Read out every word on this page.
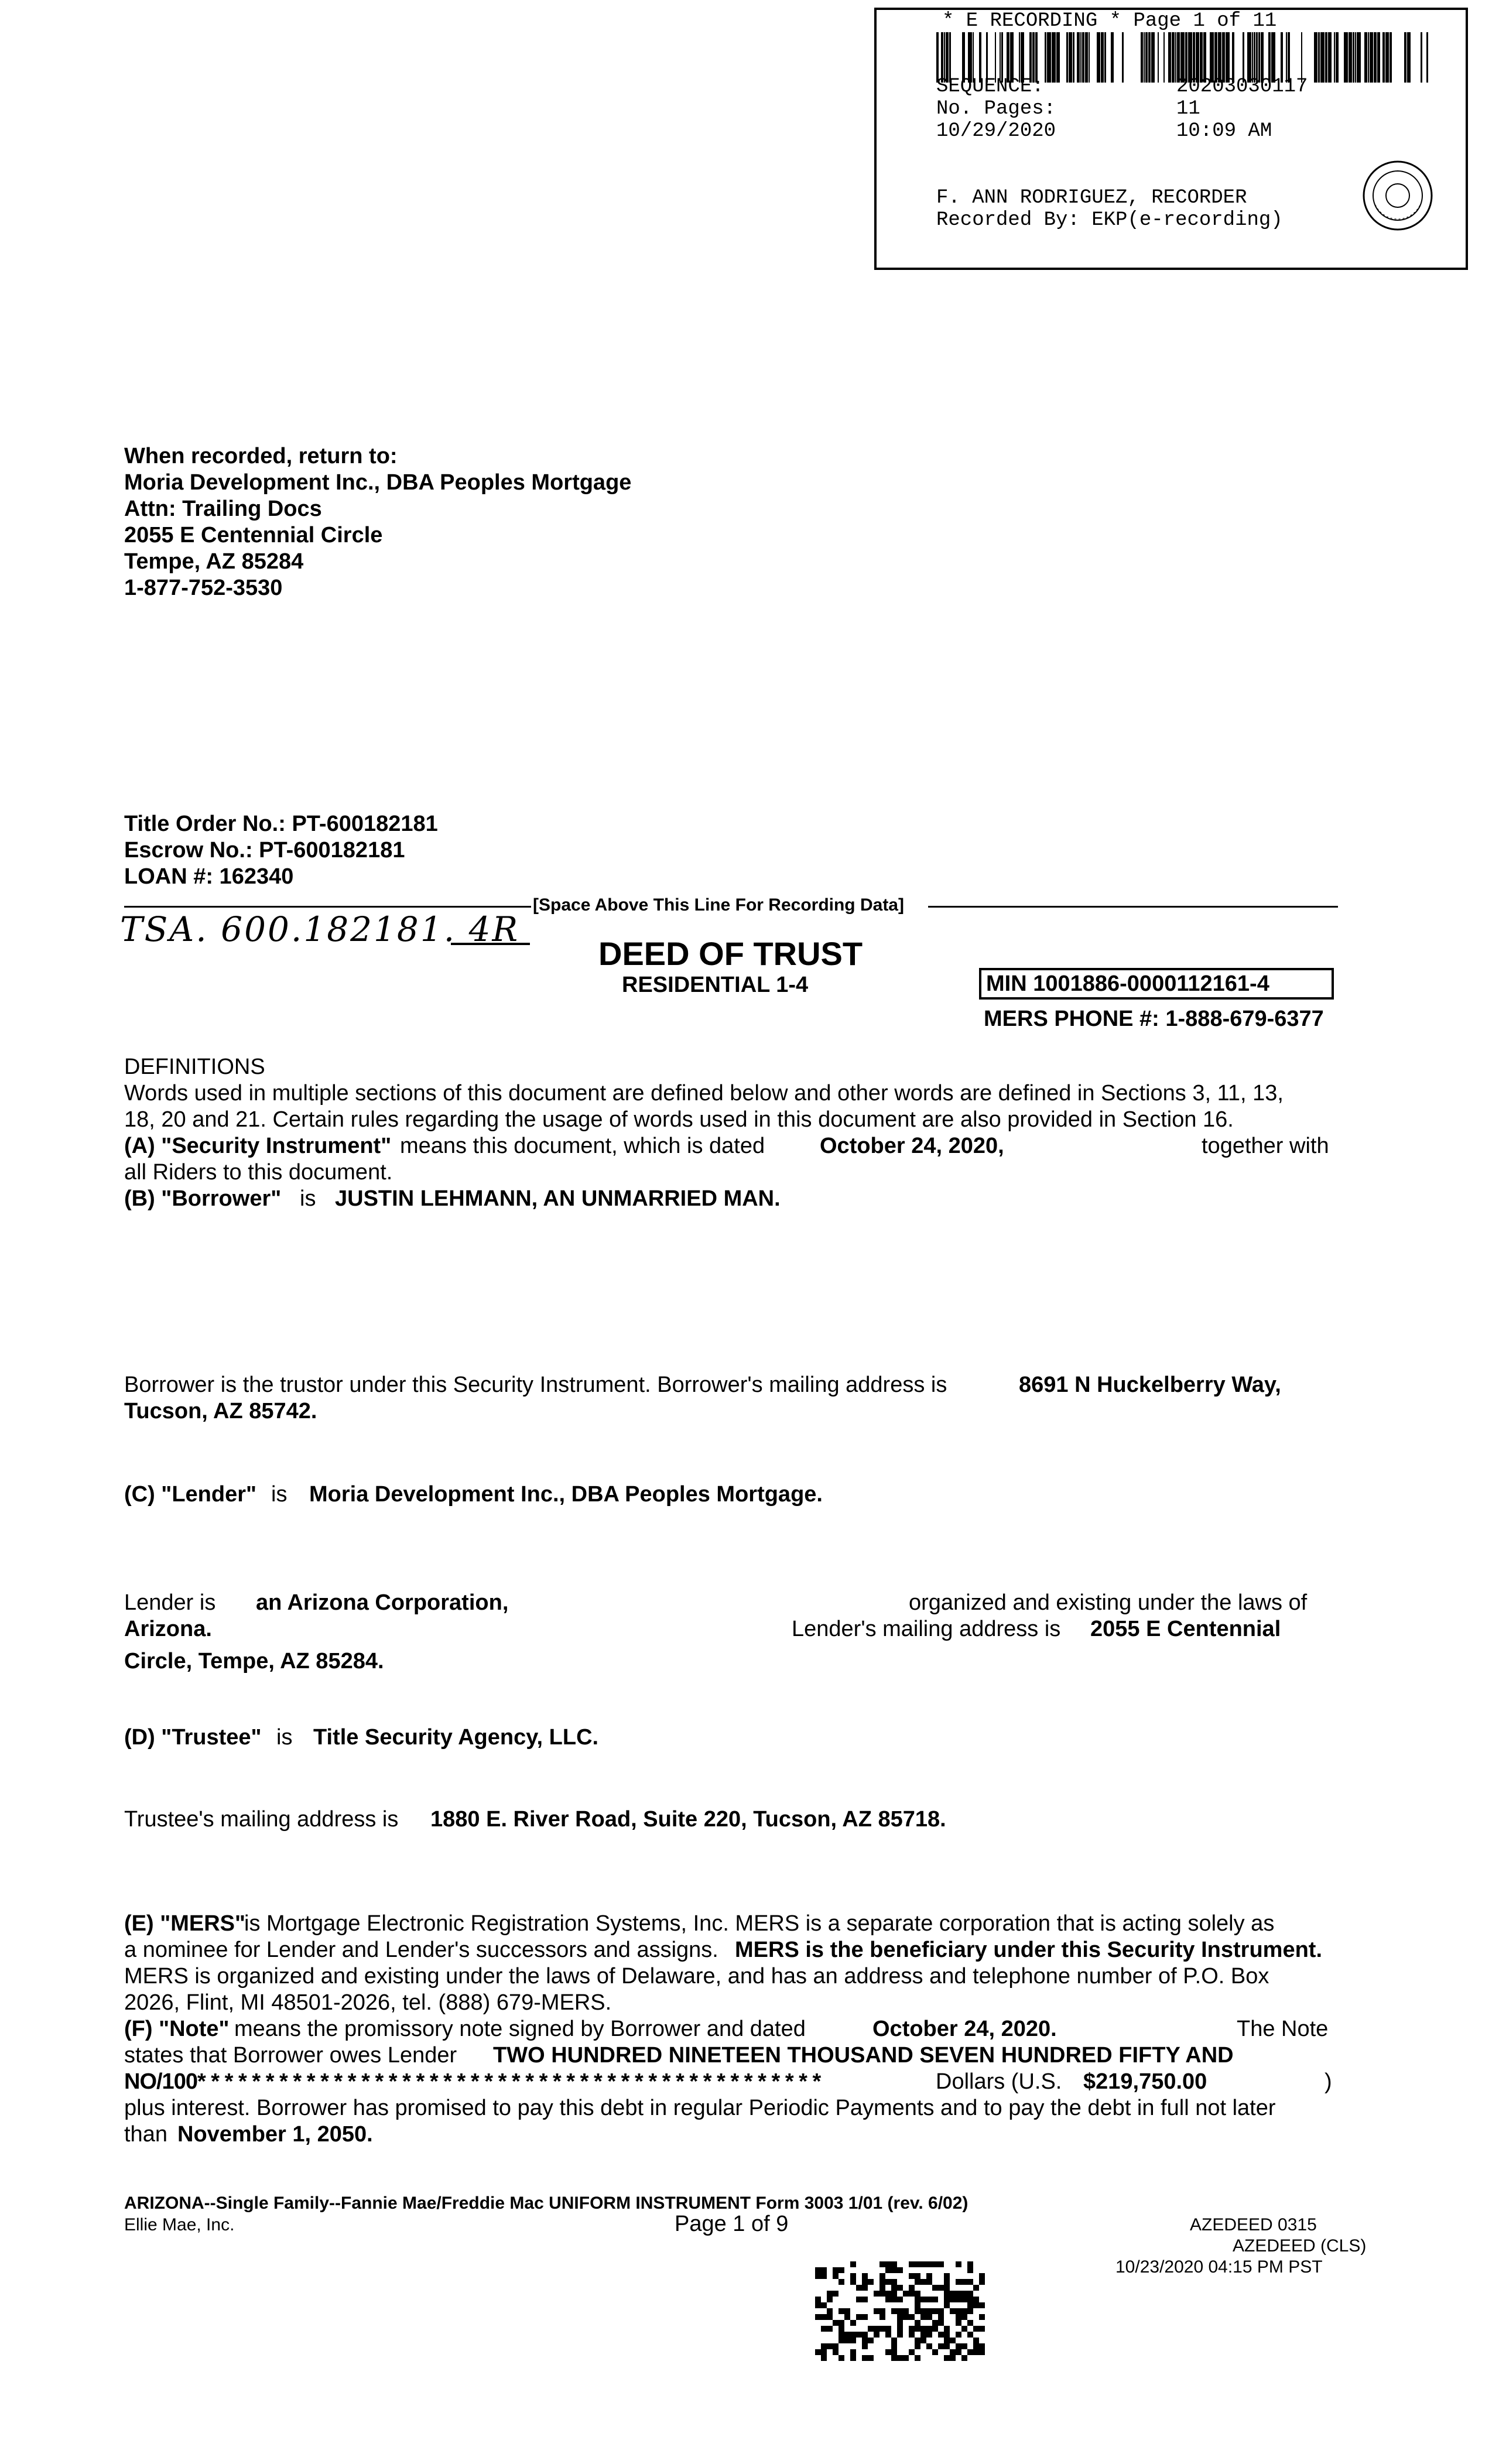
* E RECORDING * Page 1 of 11
SEQUENCE:	20203030117
No. Pages:	11
10/29/2020	10:09 AM
F. ANN RODRIGUEZ, RECORDER
Recorded By: EKP(e-recording)
When recorded, return to:
Moria Development Inc., DBA Peoples Mortgage
Attn: Trailing Docs
2055 E Centennial Circle
Tempe, AZ 85284
1-877-752-3530
Title Order No.: PT-600182181
Escrow No.: PT-600182181
LOAN #: 162340
[Space Above This Line For Recording Data]
TSA. 600.182181. 4R
DEED OF TRUST
RESIDENTIAL 1-4	MIN 1001886-0000112161-4
MERS PHONE #: 1-888-679-6377
DEFINITIONS
Words used in multiple sections of this document are defined below and other words are defined in Sections 3, 11, 13,
18, 20 and 21. Certain rules regarding the usage of words used in this document are also provided in Section 16.
(A) "Security Instrument" means this document, which is dated October 24, 2020,	together with
all Riders to this document.
(B) "Borrower" is JUSTIN LEHMANN, AN UNMARRIED MAN.
Borrower is the trustor under this Security Instrument. Borrower's mailing address is	8691 N Huckelberry Way,
Tucson, AZ 85742.
(C) "Lender" is Moria Development Inc., DBA Peoples Mortgage.
Lender is an Arizona Corporation,	organized and existing under the laws of
Arizona.	Lender's mailing address is 2055 E Centennial
Circle, Tempe, AZ 85284.
(D) "Trustee" is Title Security Agency, LLC.
Trustee's mailing address is 1880 E. River Road, Suite 220, Tucson, AZ 85718.
(E) "MERS"
is Mortgage Electronic Registration Systems, Inc. MERS is a separate corporation that is acting solely as
a nominee for Lender and Lender's successors and assigns. MERS is the beneficiary under this Security Instrument.
MERS is organized and existing under the laws of Delaware, and has an address and telephone number of P.O. Box
2026, Flint, MI 48501-2026, tel. (888) 679-MERS.
(F) "Note" means the promissory note signed by Borrower and dated	October 24, 2020.	The Note
states that Borrower owes Lender TWO HUNDRED NINETEEN THOUSAND SEVEN HUNDRED FIFTY AND
NO/100* * * * * * * * * * * * * * * * * * * * * * * * * * * * * * * * * * * * * * * * * * * * * *	Dollars (U.S. $219,750.00	)
plus interest. Borrower has promised to pay this debt in regular Periodic Payments and to pay the debt in full not later
than November 1, 2050.
ARIZONA--Single Family--Fannie Mae/Freddie Mac UNIFORM INSTRUMENT Form 3003 1/01 (rev. 6/02)
Ellie Mae, Inc.	Page 1 of 9	AZEDEED 0315
AZEDEED (CLS)
10/23/2020 04:15 PM PST
